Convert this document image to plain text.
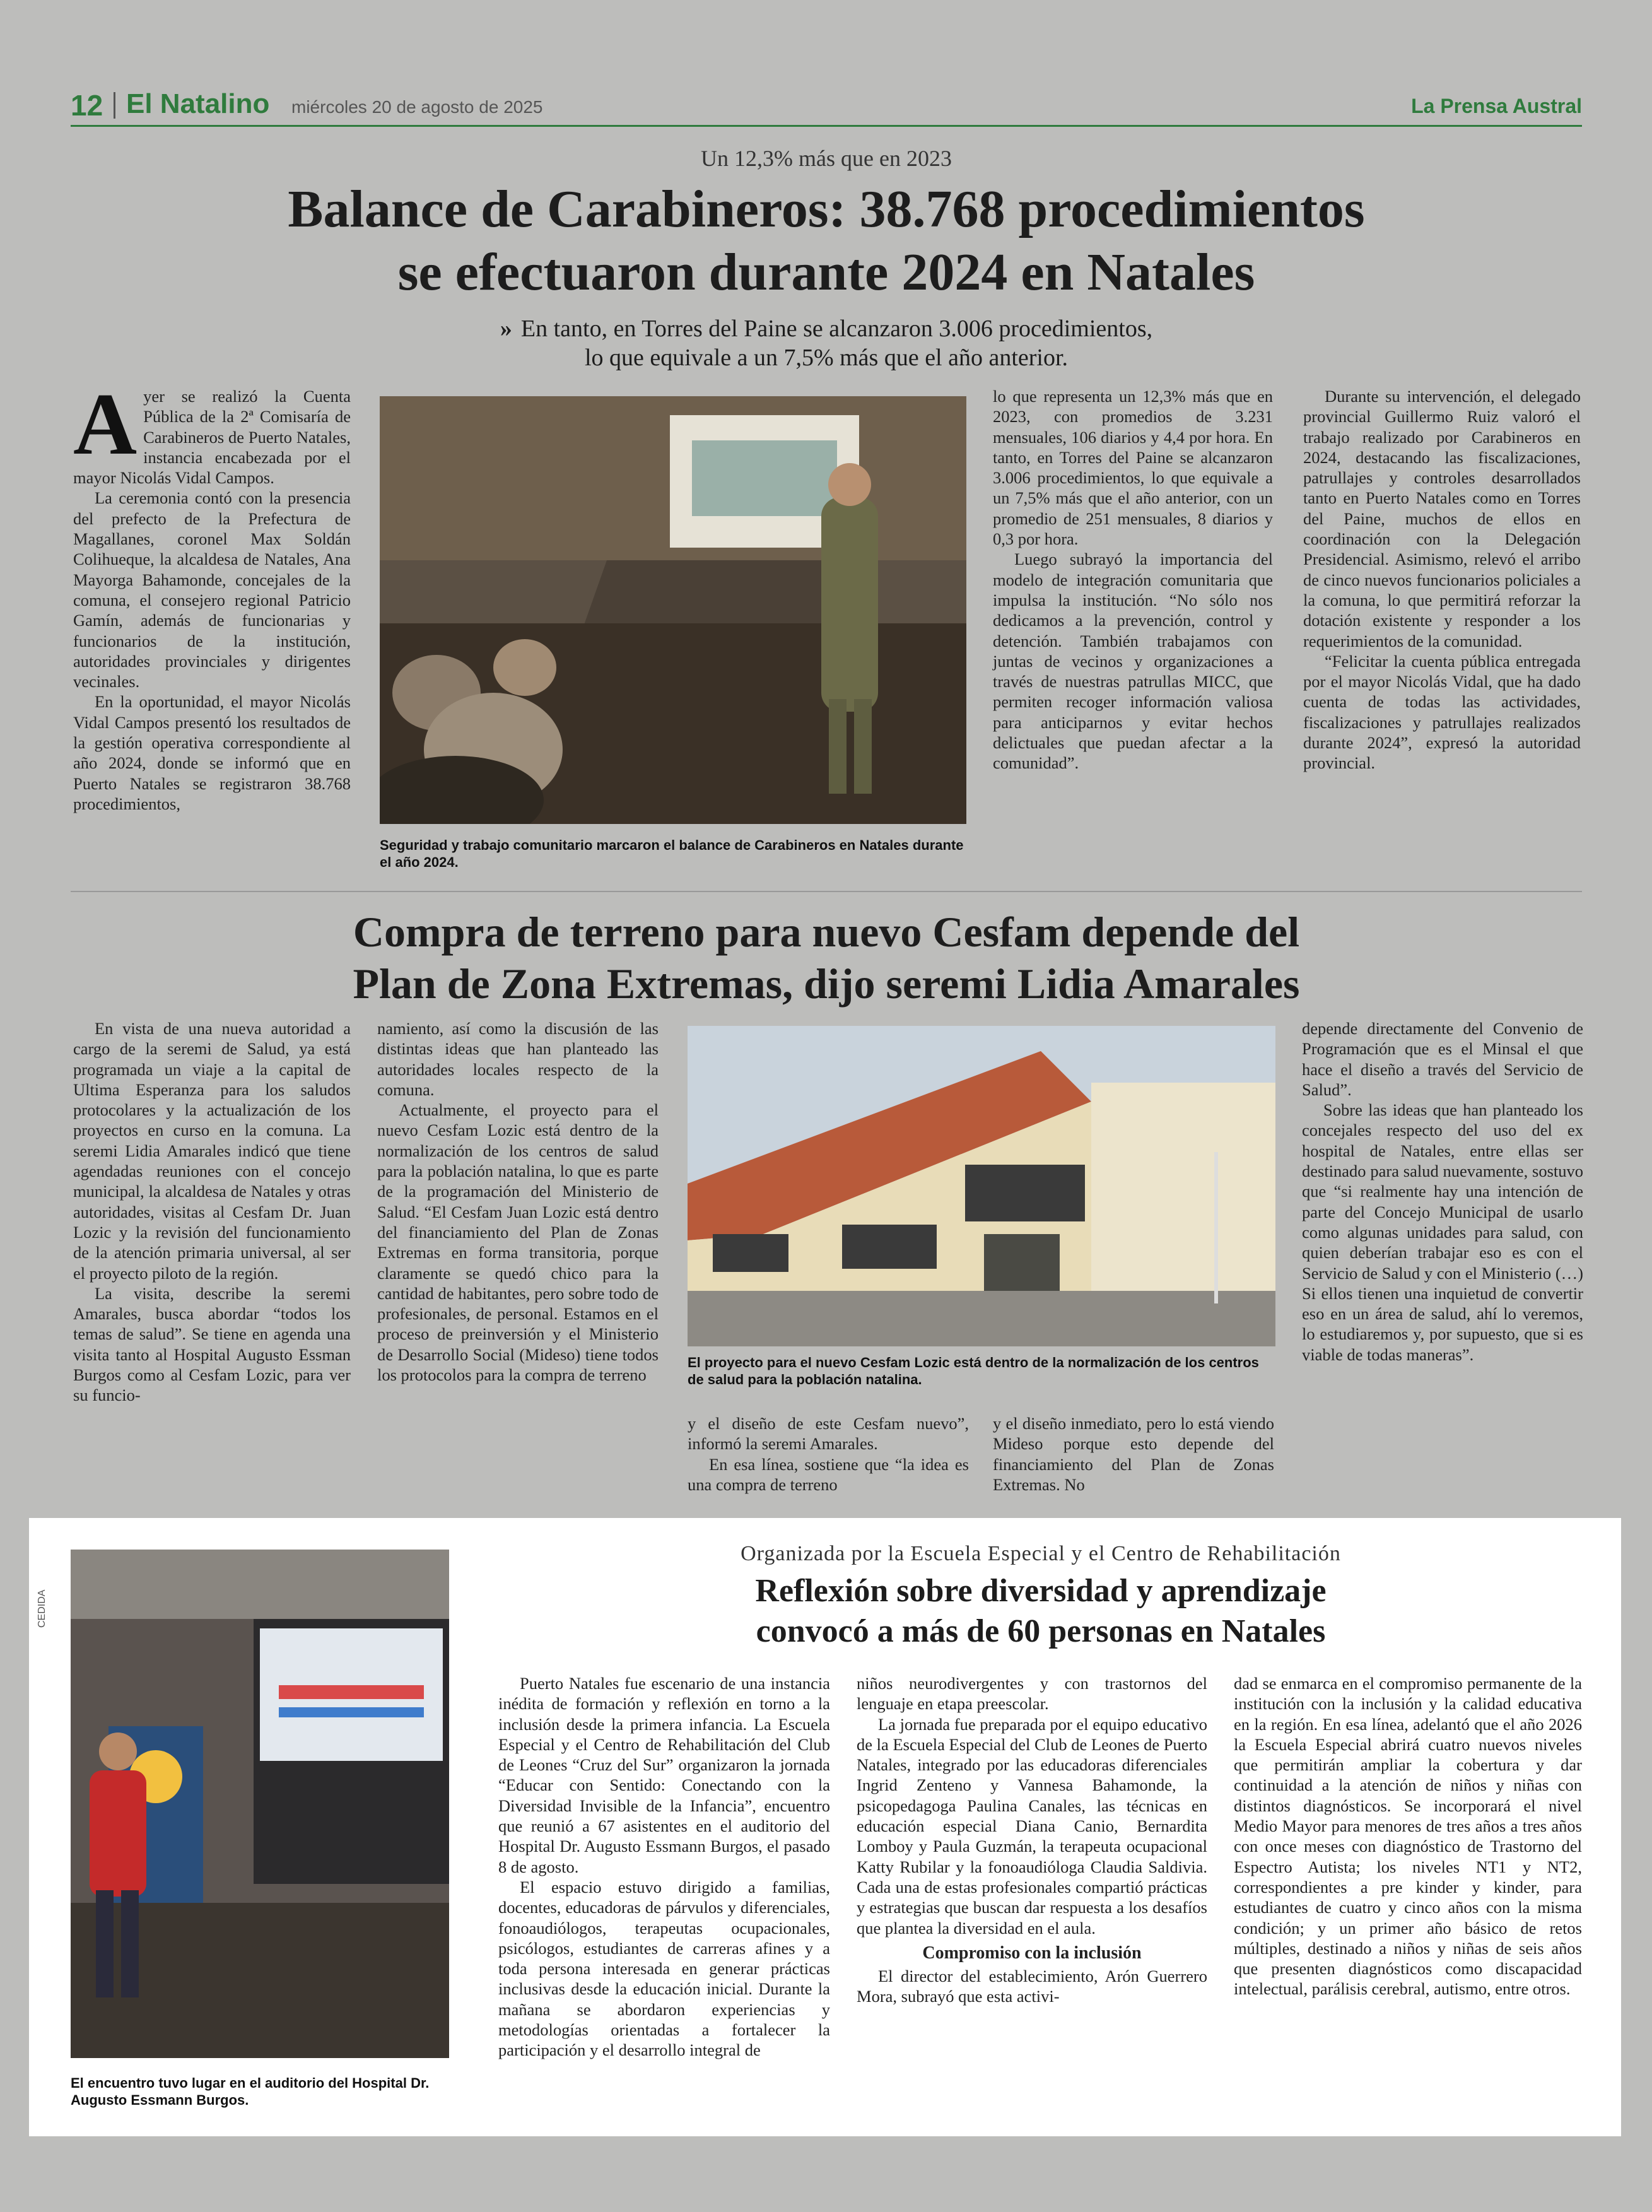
12 El Natalino miércoles 20 de agosto de 2025	La Prensa Austral
Un 12,3% más que en 2023
Balance de Carabineros: 38.768 procedimientos
se efectuaron durante 2024 en Natales
» En tanto, en Torres del Paine se alcanzaron 3.006 procedimientos,
lo que equivale a un 7,5% más que el año anterior.

Ayer se realizó la Cuenta Pública de la 2ª Comisaría de Carabineros de Puerto Natales, instancia encabezada por el mayor Nicolás Vidal Campos.

La ceremonia contó con la presencia del prefecto de la Prefectura de Magallanes, coronel Max Soldán Colihueque, la alcaldesa de Natales, Ana Mayorga Bahamonde, concejales de la comuna, el consejero regional Patricio Gamín, además de funcionarias y funcionarios de la institución, autoridades provinciales y dirigentes vecinales.

En la oportunidad, el mayor Nicolás Vidal Campos presentó los resultados de la gestión operativa correspondiente al año 2024, donde se informó que en Puerto Natales se registraron 38.768 procedimientos,

Seguridad y trabajo comunitario marcaron el balance de Carabineros en Natales durante el año 2024.

lo que representa un 12,3% más que en 2023, con promedios de 3.231 mensuales, 106 diarios y 4,4 por hora. En tanto, en Torres del Paine se alcanzaron 3.006 procedimientos, lo que equivale a un 7,5% más que el año anterior, con un promedio de 251 mensuales, 8 diarios y 0,3 por hora.

Luego subrayó la importancia del modelo de integración comunitaria que impulsa la institución. “No sólo nos dedicamos a la prevención, control y detención. También trabajamos con juntas de vecinos y organizaciones a través de nuestras patrullas MICC, que permiten recoger información valiosa para anticiparnos y evitar hechos delictuales que puedan afectar a la comunidad”.

Durante su intervención, el delegado provincial Guillermo Ruiz valoró el trabajo realizado por Carabineros en 2024, destacando las fiscalizaciones, patrullajes y controles desarrollados tanto en Puerto Natales como en Torres del Paine, muchos de ellos en coordinación con la Delegación Presidencial. Asimismo, relevó el arribo de cinco nuevos funcionarios policiales a la comuna, lo que permitirá reforzar la dotación existente y responder a los requerimientos de la comunidad.

“Felicitar la cuenta pública entregada por el mayor Nicolás Vidal, que ha dado cuenta de todas las actividades, fiscalizaciones y patrullajes realizados durante 2024”, expresó la autoridad provincial.

Compra de terreno para nuevo Cesfam depende del
Plan de Zona Extremas, dijo seremi Lidia Amarales

En vista de una nueva autoridad a cargo de la seremi de Salud, ya está programada un viaje a la capital de Ultima Esperanza para los saludos protocolares y la actualización de los proyectos en curso en la comuna. La seremi Lidia Amarales indicó que tiene agendadas reuniones con el concejo municipal, la alcaldesa de Natales y otras autoridades, visitas al Cesfam Dr. Juan Lozic y la revisión del funcionamiento de la atención primaria universal, al ser el proyecto piloto de la región.

La visita, describe la seremi Amarales, busca abordar “todos los temas de salud”. Se tiene en agenda una visita tanto al Hospital Augusto Essman Burgos como al Cesfam Lozic, para ver su funcio-

namiento, así como la discusión de las distintas ideas que han planteado las autoridades locales respecto de la comuna.

Actualmente, el proyecto para el nuevo Cesfam Lozic está dentro de la normalización de los centros de salud para la población natalina, lo que es parte de la programación del Ministerio de Salud. “El Cesfam Juan Lozic está dentro del financiamiento del Plan de Zonas Extremas en forma transitoria, porque claramente se quedó chico para la cantidad de habitantes, pero sobre todo de profesionales, de personal. Estamos en el proceso de preinversión y el Ministerio de Desarrollo Social (Mideso) tiene todos los protocolos para la compra de terreno

El proyecto para el nuevo Cesfam Lozic está dentro de la normalización de los centros de salud para la población natalina.

y el diseño de este Cesfam nuevo”, informó la seremi Amarales.

En esa línea, sostiene que “la idea es una compra de terreno

y el diseño inmediato, pero lo está viendo Mideso porque esto depende del financiamiento del Plan de Zonas Extremas. No

depende directamente del Convenio de Programación que es el Minsal el que hace el diseño a través del Servicio de Salud”.

Sobre las ideas que han planteado los concejales respecto del uso del ex hospital de Natales, entre ellas ser destinado para salud nuevamente, sostuvo que “si realmente hay una intención de parte del Concejo Municipal de usarlo como algunas unidades para salud, con quien deberían trabajar eso es con el Servicio de Salud y con el Ministerio (…) Si ellos tienen una inquietud de convertir eso en un área de salud, ahí lo veremos, lo estudiaremos y, por supuesto, que si es viable de todas maneras”.

CEDIDA
El encuentro tuvo lugar en el auditorio del Hospital Dr. Augusto Essmann Burgos.
Organizada por la Escuela Especial y el Centro de Rehabilitación
Reflexión sobre diversidad y aprendizaje
convocó a más de 60 personas en Natales

Puerto Natales fue escenario de una instancia inédita de formación y reflexión en torno a la inclusión desde la primera infancia. La Escuela Especial y el Centro de Rehabilitación del Club de Leones “Cruz del Sur” organizaron la jornada “Educar con Sentido: Conectando con la Diversidad Invisible de la Infancia”, encuentro que reunió a 67 asistentes en el auditorio del Hospital Dr. Augusto Essmann Burgos, el pasado 8 de agosto.

El espacio estuvo dirigido a familias, docentes, educadoras de párvulos y diferenciales, fonoaudiólogos, terapeutas ocupacionales, psicólogos, estudiantes de carreras afines y a toda persona interesada en generar prácticas inclusivas desde la educación inicial. Durante la mañana se abordaron experiencias y metodologías orientadas a fortalecer la participación y el desarrollo integral de

niños neurodivergentes y con trastornos del lenguaje en etapa preescolar.

La jornada fue preparada por el equipo educativo de la Escuela Especial del Club de Leones de Puerto Natales, integrado por las educadoras diferenciales Ingrid Zenteno y Vannesa Bahamonde, la psicopedagoga Paulina Canales, las técnicas en educación especial Diana Canio, Bernardita Lomboy y Paula Guzmán, la terapeuta ocupacional Katty Rubilar y la fonoaudióloga Claudia Saldivia. Cada una de estas profesionales compartió prácticas y estrategias que buscan dar respuesta a los desafíos que plantea la diversidad en el aula.

Compromiso con la inclusión

El director del establecimiento, Arón Guerrero Mora, subrayó que esta activi-

dad se enmarca en el compromiso permanente de la institución con la inclusión y la calidad educativa en la región. En esa línea, adelantó que el año 2026 la Escuela Especial abrirá cuatro nuevos niveles que permitirán ampliar la cobertura y dar continuidad a la atención de niños y niñas con distintos diagnósticos. Se incorporará el nivel Medio Mayor para menores de tres años a tres años con once meses con diagnóstico de Trastorno del Espectro Autista; los niveles NT1 y NT2, correspondientes a pre kinder y kinder, para estudiantes de cuatro y cinco años con la misma condición; y un primer año básico de retos múltiples, destinado a niños y niñas de seis años que presenten diagnósticos como discapacidad intelectual, parálisis cerebral, autismo, entre otros.
